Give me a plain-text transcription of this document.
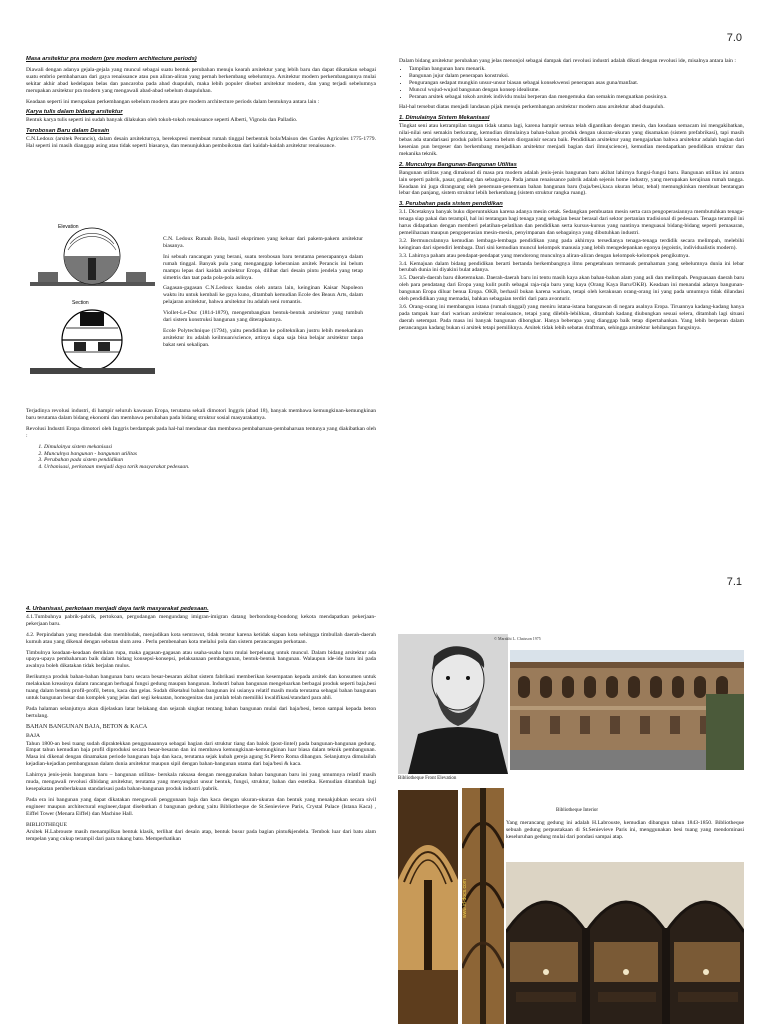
7.0

Masa arsitektur pra modern (pre modern architecture periods)

Diawali dengan adanya gejala-gejala yang muncul sebagai suatu bentuk perubahan menuju kearah arsitektur yang lebih baru dan dapat dikatakan sebagai suatu embrio pembaharuan dari gaya renaissance atau pun aliran-aliran yang pernah berkembang sebelumnya. Arsitektur modern perkembangannya mulai sekitar akhir abad kedelapan belas dan pancaroba pada abad duapuluh, maka lebih populer disebut arsitektur modern, dan yang terjadi sebelumnya merupakan arsitektur pra modern yang mengawali abad-abad sebelum duapuluhan.

Keadaan seperti ini merupakan perkembangan sebelum modern atau pre modern architecture periods dalam bentuknya antara lain :

Karya tulis dalam bidang arsitektur

Bentuk karya tulis seperti ini sudah banyak dilakukan oleh tokoh-tokoh renaissance seperti Alberti, Vignola dan Palladio.

Terobosan Baru dalam Desain

C.N.Ledoux (arsitek Perancis), dalam desain arsitekturnya, berekspresi membuat rumah tinggal berbentuk bola/Maison des Gardes Agricoles 1775-1779. Hal seperti ini masih dianggap asing atau tidak seperti biasanya, dan menunjukkan pemboikotan dari kaidah-kaidah arsitektur renaissance.

Elevation
Section

C.N. Ledoux Rumah Bola, hasil eksprimen yang keluar dari pakem-pakem arsitektur biasanya.

Ini sebuah rancangan yang berani, suatu terobosan baru terutama penerapannya dalam rumah tinggal. Banyak pula yang menganggap keberanian arsitek Perancis ini belum mampu lepas dari kaidah arsitektur Eropa, dilihat dari desain pintu jendela yang tetap simetris dan taat pada pola-pola aslinya.

Gagasan-gagasan C.N.Ledoux kandas oleh antara lain, keinginan Kaisar Napoleon waktu itu untuk kembali ke gaya kuno, ditambah kemudian Ecole des Beaux Arts, dalam pelajaran arsitektur, bahwa arsitektur itu adalah seni romantis.

Viollet-Le-Duc (1814-1879), mengembangkan bentuk-bentuk arsitektur yang tumbuh dari sistem konstruksi bangunan yang diterapkannya.

Ecole Polytechnique (1794), yaitu pendidikan ke politeknikan justru lebih menekankan arsitektur itu adalah keilmuan/science, artinya siapa saja bisa belajar arsitektur tanpa bakat seni sekalipan.

Terjadinya revolusi industri, di hampir seluruh kawasan Eropa, terutama sekali dimotori Inggris (abad 18), banyak membawa kemungkinan-kemungkinan baru terutama dalam bidang ekonomi dan membawa perubahan pada bidang struktur sosial masyarakatnya.

Revolusi Industri Eropa dimotori oleh Inggris berdampak pada hal-hal mendasar dan membawa pembaharuan-pembaharuan tentunya yang diakibatkan oleh :

1. Dimulainya sistem mekanisasi
2. Munculnya bangunan - bangunan utilitas
3. Perubahan pada sistem pendidikan
4. Urbanisasi, perkotaan menjadi daya tarik masyarakat pedesaan.

Dalam bidang arsitektur perubahan yang jelas menonjol sebagai dampak dari revolusi industri adalah dikuti dengan revolusi ide, misalnya antara lain :

• Tampilan bangunan baru menarik.
• Bangunan jujur dalam penerapan konstruksi.
• Pengurangan sedapat mungkin unsur-unsur biasan sebagai konsekwensi penerapan asas guna/manfaat.
• Muncul wujud-wujud bangunan dengan konsep idealisme.
• Peranan arsitek sebagai tokoh arsitek individu mulai berperan dan mengemuka dan semakin menguatkan posisinya.

Hal-hal tersebut diatas menjadi landasan pijak menuju perkembangan arsitektur modern atau arsitektur abad duapuluh.

1. Dimulainya Sistem Mekanisasi

Tingkat seni atau ketrampilan tangan tidak utama lagi, karena hampir semua telah digantikan dengan mesin, dan keadaan semacam ini mengakibatkan, nilai-nilai seni semakin berkurang, kemudian dimulainya bahan-bahan produk dengan ukuran-ukuran yang disamakan (sistem prefabrikasi), tapi masih bebas ada standarisasi produk pabrik karena belum diorganisir secara baik. Pendidikan arsitektur yang mengajarkan bahwa arsitektur adalah bagian dari kesenian pun bergeser dan berkembang menjadikan arsitektur menjadi bagian dari ilmu(science), kemudian mendapatkan pendidikan struktur dan mekanika teknik.

2. Munculnya Bangunan-Bangunan Utilitas

Bangunan utilitas yang dimaksud di masa pra modern adalah jenis-jenis bangunan baru akibat lahirnya fungsi-fungsi baru. Bangunan utilitas ini antara lain seperti pabrik, pasar, gudang dan sebagainya. Pada jaman renaissance pabrik adalah sejenis home industry, yang merupakan kerajinan rumah tangga. Keadaan ini juga dirangsang oleh penemuan-penemuan bahan bangunan baru (baja/besi,kaca ukuran lebar, tebal) memungkinkan membuat bentangan lebar dan panjang, sistem struktur lebih berkembang (sistem struktur rangka ruang).

3. Perubahan pada sistem pendidikan

3.1. Dicetaknya banyak buku diperuntukkan karena adanya mesin cetak. Sedangkan pembuatan mesin serta cara pengoperasiannya membutuhkan tenaga-tenaga siap pakai dan terampil, hal ini tentangan bagi tenaga yang sebagian besar berasal dari sektor pertanian tradisional di pedesaan. Tenaga terampil ini harus didapatkan dengan memberi pelatihan-pelatihan dan pendidikan serta kursus-kursus yang nantinya menguasai bidang-bidang seperti pemasaran, pemeliharaan maupun pengoperasian mesin-mesin, penyimpanan dan sebagainya yang dibutuhkan industri.

3.2. Bermunculannya kemudian lembaga-lembaga pendidikan yang pada akhirnya tersedianya tenaga-tenaga terdidik secara melimpah, melebihi keinginan dari sipendiri lembaga. Dari sini kemudian muncul kelompok manusia yang lebih mengedepankan egonya (egoistis, individualistis modern).

3.3. Lahirnya paham atau pendapat-pendapat yang mendorong munculnya aliran-aliran dengan kelompok-kelompok pengikutnya.

3.4. Kemajuan dalam bidang pendidikan berarti bertanda berkembangnya ilmu pengetahuan termasuk pemahaman yang sebelumnya dunia ini lebar berubah dunia ini diyakini bulat adanya.

3.5. Daerah-daerah baru diketemukan. Daerah-daerah baru ini tentu masih kaya akan bahan-bahan alam yang asli dan melimpah. Penguasaan daerah baru oleh para pendatang dari Eropa yang kulit putih sebagai raja-raja baru yang kaya (Orang Kaya Baru/OKB). Keadaan ini menandai adanya bangunan-bangunan Eropa diluar benua Eropa. OKB, berhasil bukan karena warisan, tetapi oleh kerakusan orang-orang ini yang pada umumnya tidak dilandasi oleh pendidikan yang memadai, bahkan sebagaian terdiri dari para avonturir.

3.6. Orang-orang ini membangun istana (rumah tinggal) yang meniru istana-istana bangsawan di negara asalnya Eropa. Tiruannya kadang-kadang hanya pada tampak luar dari warisan arsitektur renaissance, tetapi yang dilebih-lebihkan, ditambah kadang diubungkan sesuai selera, ditambah lagi situasi daerah setempat. Pada masa ini banyak bangunan dibongkar. Hanya beberapa yang dianggap baik tetap dipertahankan. Yang lebih berperan dalam perancangan kadang bukan si arsitek tetapi pemiliknya. Arsitek tidak lebih sebatas draftman, sehingga arsitektur kehilangan fungsinya.

7.1

4. Urbanisasi, perkotaan menjadi daya tarik masyarakat pedesaan.

4.1.Tumbuhnya pabrik-pabrik, pertokoan, pergudangan mengundang imigran-imigran datang berbondong-bondong kekota mendapatkan pekerjaan-pekerjaan baru.

4.2. Perpindahan yang mendadak dan membludak, menjadikan kota semrawut, tidak teratur karena ketidak siapan kota sehingga timbullah daerah-daerah kumuh atau yang dikenal dengan sebutan slum area . Perlu pembenahan kota melalui pola dan sistem perancangan perkotaan.

Timbulnya keadaan-keadaan demikian rupa, maka gagasan-gagasan atau usaha-usaha baru mulai berpeluang untuk muncul. Dalam bidang arsitektur ada upaya-upaya pembaharuan baik dalam bidang konsepsi-konsepsi, pelaksanaan pembangunan, bentuk-bentuk bangunan. Walaupun ide-ide baru ini pada awalnya boleh dikatakan tidak berjalan mulus.

Berikutnya produk bahan-bahan bangunan baru secara besar-besaran akibat sistem fabrikasi memberikan kesempatan kepada arsitek dan konsumen untuk melakukan kreasinya dalam rancangan berbagai fungsi gedung maupun bangunan. Industri bahan bangunan mengeluarkan berbagai produk seperti baja,besi tuang dalam bentuk profil-profil, beton, kaca dan gelas. Sudah diketahui bahan bangunan ini usianya relatif masih muda terutama sebagai bahan bangunan untuk bangunan besar dan komplek yang jelas dari segi kekuatan, homogenitas dan jumlah telah memiliki kwalifikasi/standard para ahli.

Pada halaman selanjutnya akan dijelaskan latar belakang dan sejarah singkat tentang bahan bangunan mulai dari baja/besi, beton sampai kepada beton bertulang.

BAHAN BANGUNAN BAJA, BETON & KACA

BAJA

Tahun 1800-an besi tuang sudah dipraktekkan penggunaannya sebagai bagian dari struktur tiang dan balok (post-lintel) pada bangunan-bangunan gedung. Empat tahun kemudian baja profil diproduksi secara besar-besaran dan ini membawa kemungkinan-kemungkinan luar biasa dalam teknik pembangunan. Masa ini dikenal dengan dinamakan periode bangunan baja dan kaca, terutama sejak kubah gereja agung St.Pietro Roma dibangun. Selanjutnya dimulailah kejadian-kejadian pembangunan dalam dunia arsitektur maupun sipil dengan bahan-bangunan utama dari baja/besi & kaca.

Lahirnya jenis-jenis bangunan baru – bangunan utilitas- berskala raksasa dengan menggunakan bahan bangunan baru ini yang umumnya relatif masih muda, mengawali revolusi dibidang arsitektur, terutama yang menyangkut unsur bentuk, fungsi, struktur, bahan dan estetika. Kemudian ditambah lagi kesepakatan pemberlakuan standarisasi pada bahan-bangunan produk industri /pabrik.

Pada era ini bangunan yang dapat dikatakan mengawali penggunaan baja dan kaca dengan ukuran-ukuran dan bentuk yang menakjubkan secara sivil engineer maupun architectural engineer,dapat disebutkan 4 bangunan gedung yaitu Bibliotheque de St.Senievieve Paris, Crystal Palace (Istana Kaca) , Eiffel Tower (Menara Eiffel) dan Machine Hall.

BIBLIOTHEQUE

Arsitek H.Labrouste masih menampilkan bentuk klasik, terlihat dari desain atap, bentuk busur pada bagian pintu&jendela. Tembok luar dari batu alam tempelan yang cukup terampil dari para tukang batu. Memperhatikan

© Marakhi L. Chaisson 1975
Bibliotheque Front Elevation
www.id-docs.com
Bibliotheque Interior

Yang merancang gedung ini adalah H.Labrouste, kemudian dibangun tahun 1843-1850. Bibliotheque sebuah gedung perpustakaan di St.Senievieve Paris ini, menggunakan besi tuang yang mendominasi keseluruhan gedung mulai dari pondasi sampai atap.
